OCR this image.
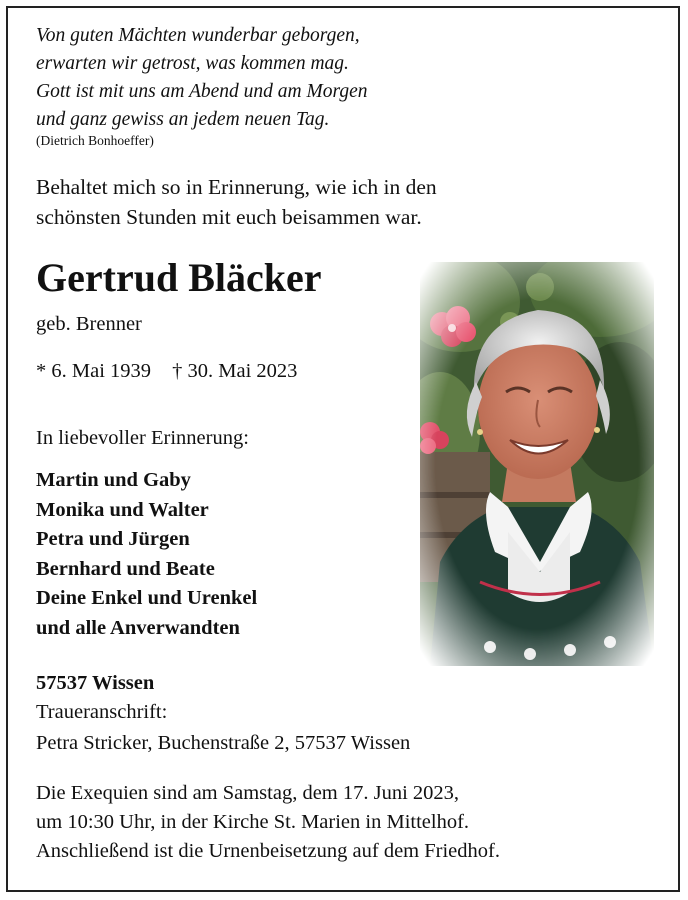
Von guten Mächten wunderbar geborgen,
erwarten wir getrost, was kommen mag.
Gott ist mit uns am Abend und am Morgen
und ganz gewiss an jedem neuen Tag.
(Dietrich Bonhoeffer)
Behaltet mich so in Erinnerung, wie ich in den
schönsten Stunden mit euch beisammen war.
Gertrud Bläcker
geb. Brenner
* 6. Mai 1939 † 30. Mai 2023
In liebevoller Erinnerung:
Martin und Gaby
Monika und Walter
Petra und Jürgen
Bernhard und Beate
Deine Enkel und Urenkel
und alle Anverwandten
57537 Wissen
Traueranschrift:
Petra Stricker, Buchenstraße 2, 57537 Wissen
Die Exequien sind am Samstag, dem 17. Juni 2023,
um 10:30 Uhr, in der Kirche St. Marien in Mittelhof.
Anschließend ist die Urnenbeisetzung auf dem Friedhof.
